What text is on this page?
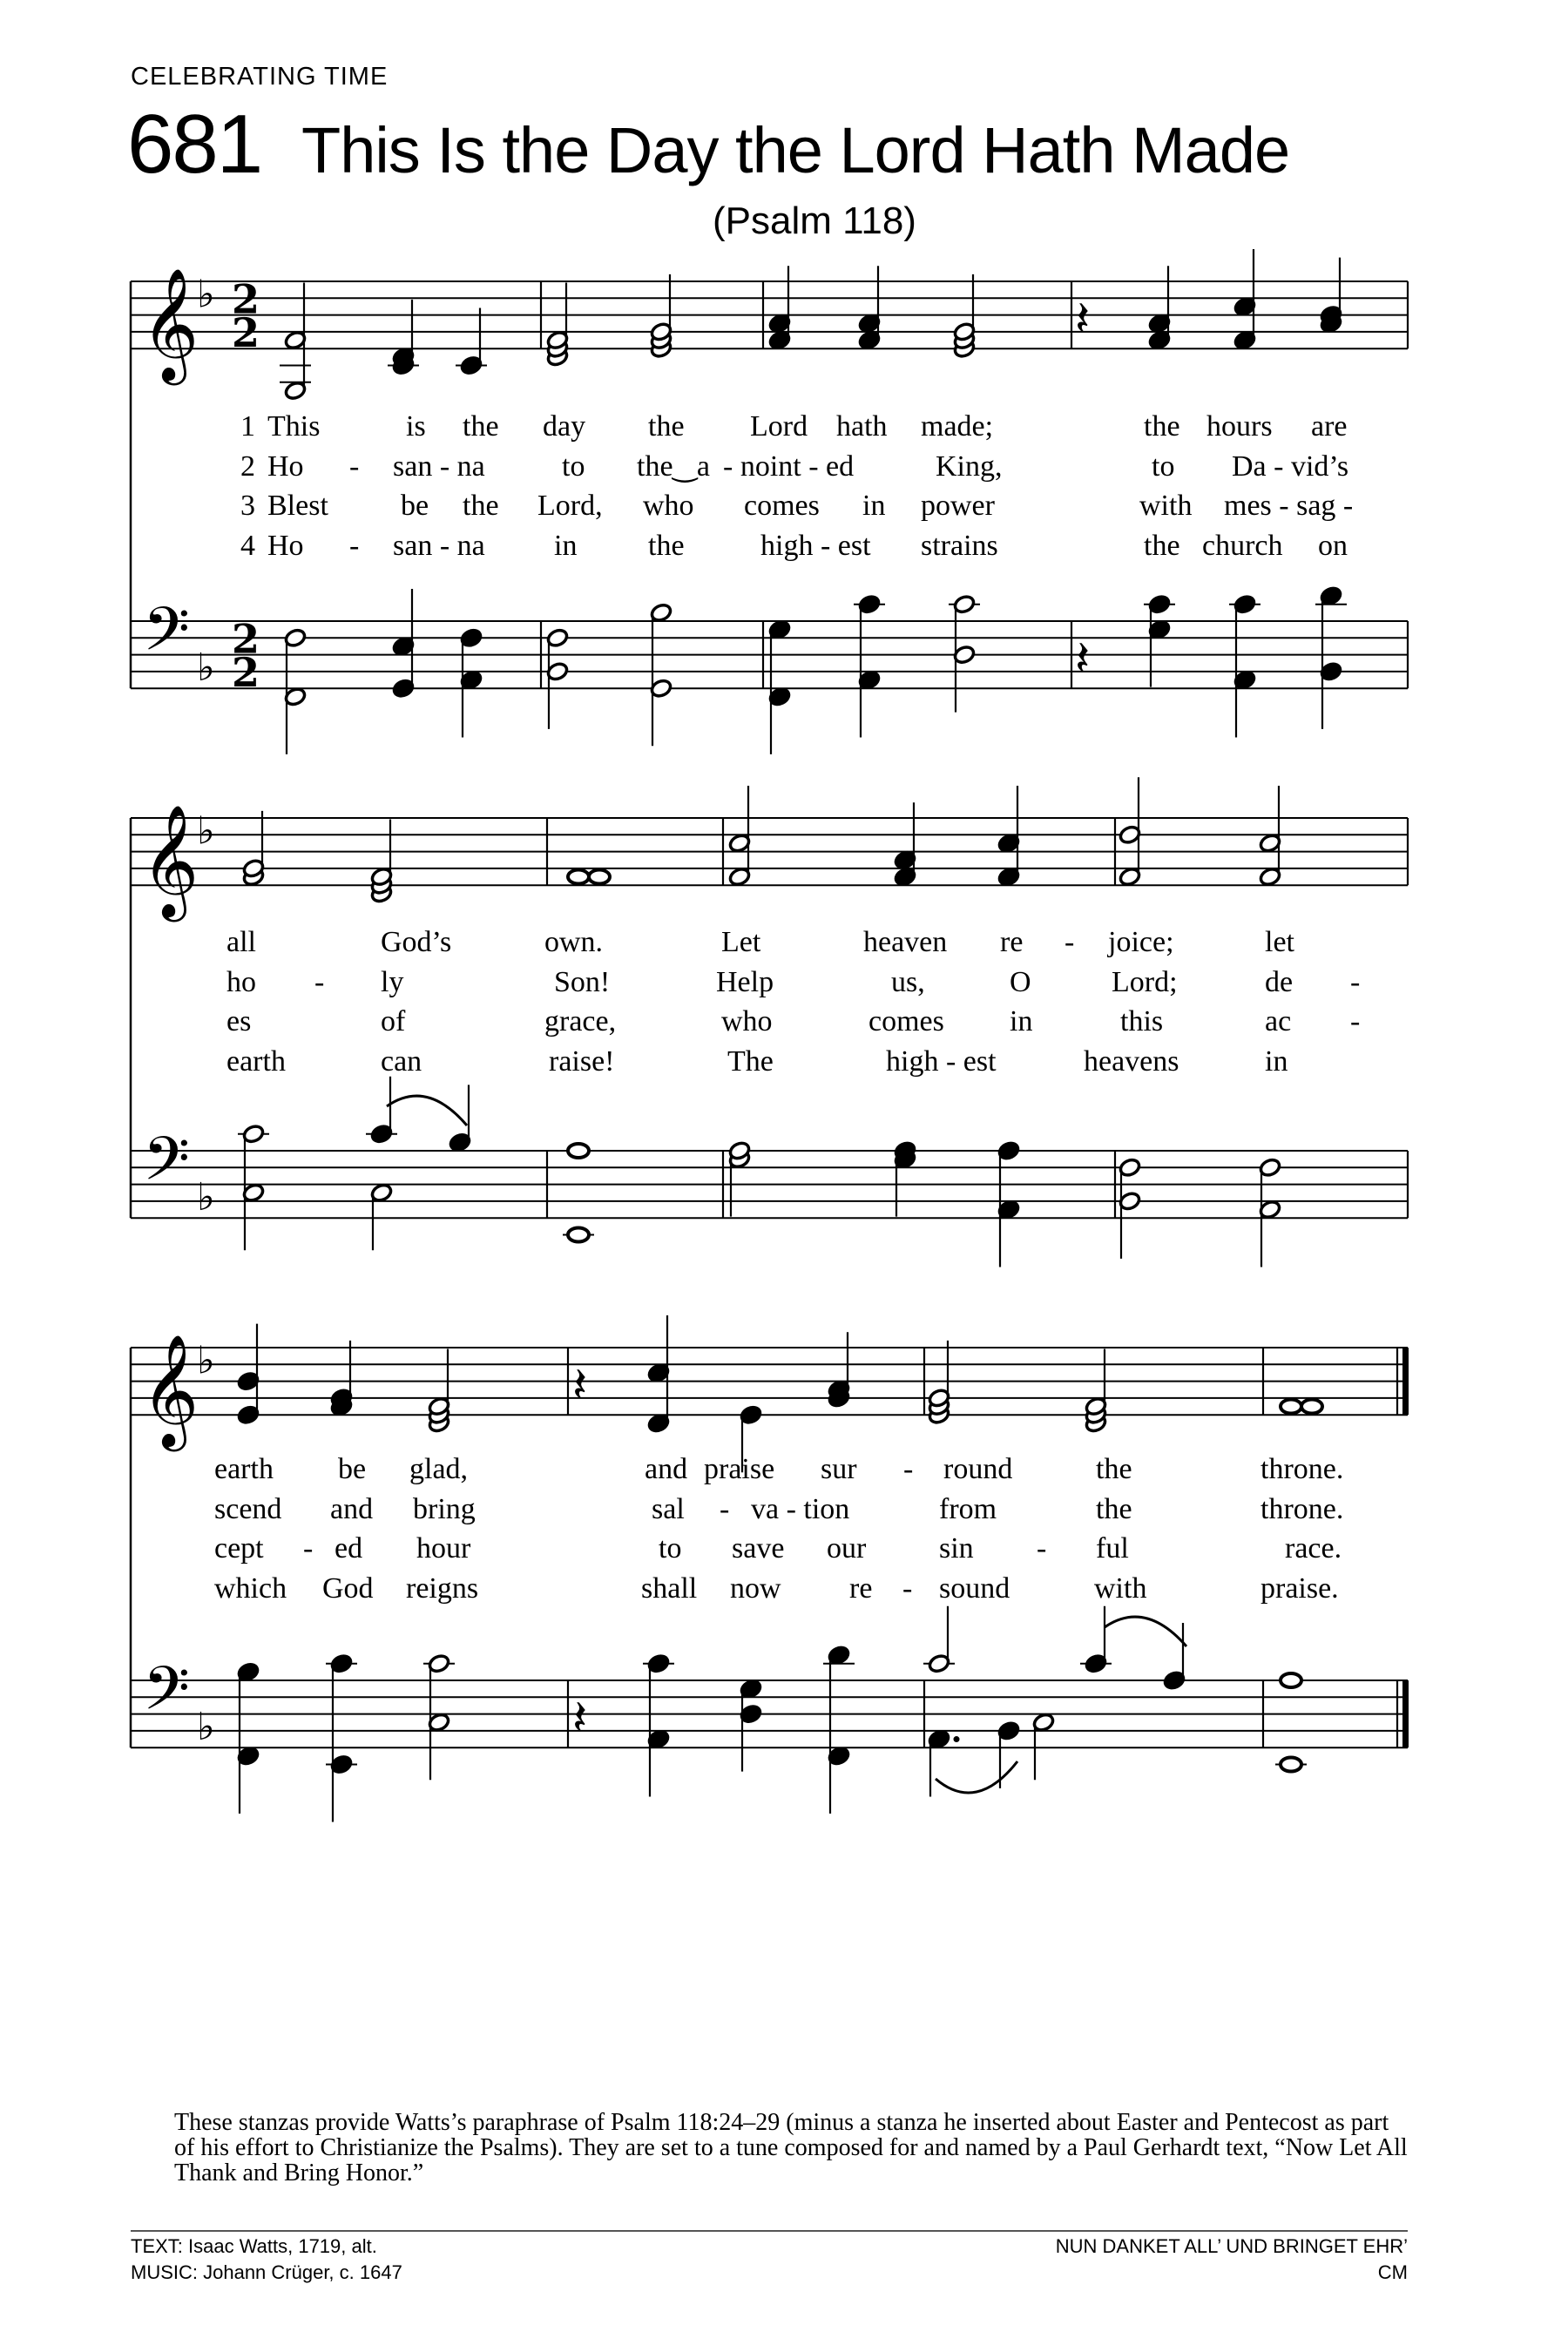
CELEBRATING TIME
681 This Is the Day the Lord Hath Made
(Psalm 118)
𝄞
♭ 2
2	𝄽
𝄢 ♭
2
2	𝄽
𝄞
♭
𝄢 ♭
𝄞
♭	𝄽
𝄢 ♭	𝄽
1 This	is the day the Lord hath made;	the hours are
2 Ho - san - na	to the‿a - noint - ed	King,	to Da - vid’s
3 Blest be the Lord, who comes in power	with mes - sag -
4 Ho - san - na in the	high - est strains	the church on
all	God’s	own.	Let	heaven re - joice;	let
ho - ly	Son!	Help	us,	O	Lord;	de -
es	of	grace,	who	comes in	this	ac -
earth	can	raise!	The	high - est	heavens	in
earth be glad,	and praise sur - round	the	throne.
scend and bring	sal - va - tion	from	the	throne.
cept - ed hour	to save our sin - ful	race.
which God reigns	shall now re - sound	with	praise.
These stanzas provide Watts’s paraphrase of Psalm 118:24–29 (minus a stanza he inserted about Easter and Pentecost as part of his effort to Christianize the Psalms). They are set to a tune composed for and named by a Paul Gerhardt text, “Now Let All Thank and Bring Honor.”
TEXT: Isaac Watts, 1719, alt.
MUSIC: Johann Crüger, c. 1647
NUN DANKET ALL’ UND BRINGET EHR’
CM
